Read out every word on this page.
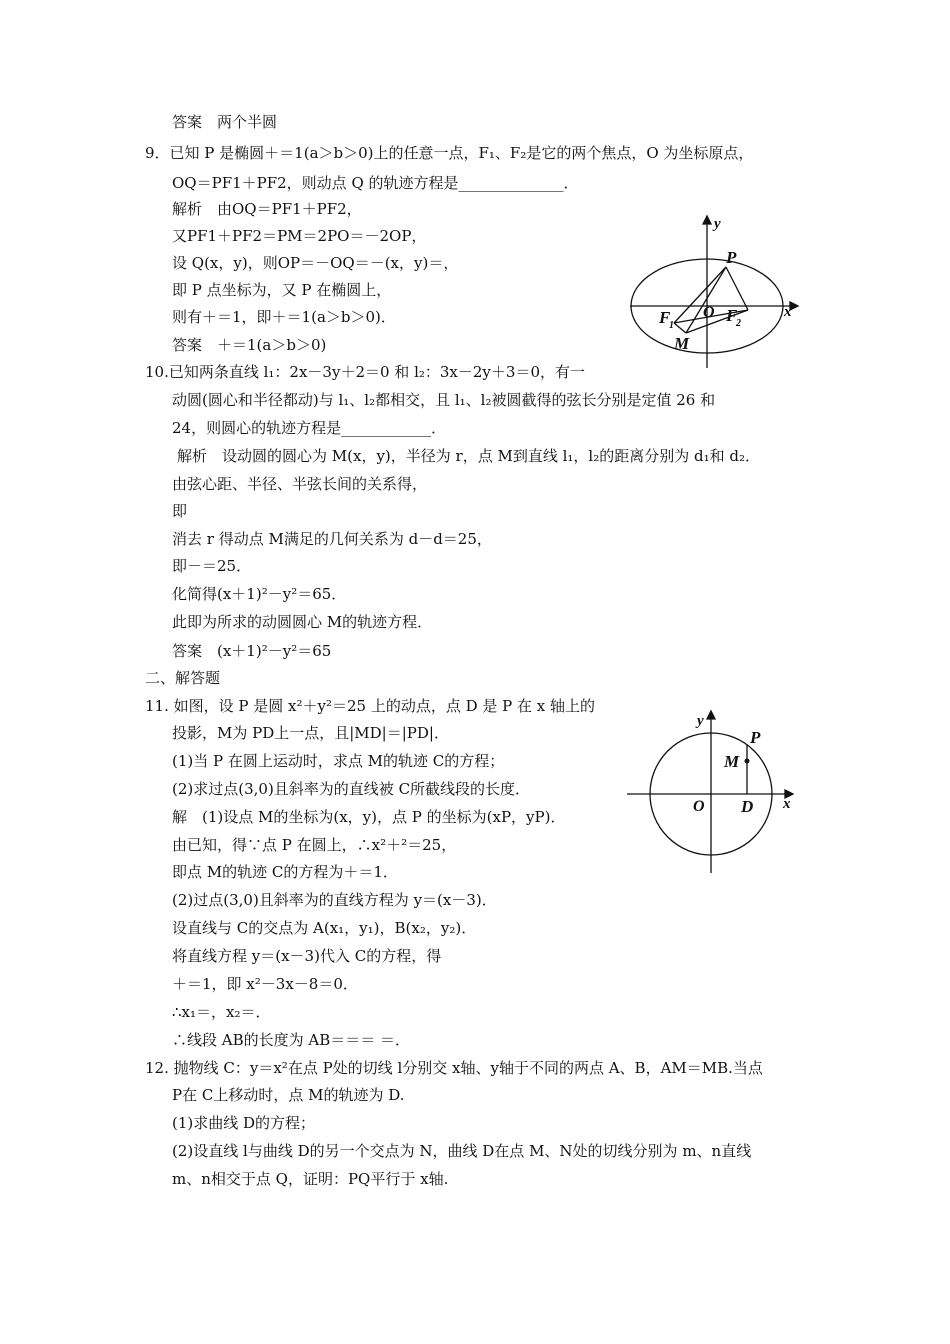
答案　两个半圆
9．已知 P 是椭圆＋＝1(a＞b＞0)上的任意一点，F₁、F₂是它的两个焦点，O 为坐标原点，
OQ＝PF1＋PF2，则动点 Q 的轨迹方程是______________．
解析　由OQ＝PF1＋PF2，
又PF1＋PF2＝PM＝2PO＝－2OP，
设 Q(x，y)，则OP＝－OQ＝－(x，y)＝，
即 P 点坐标为，又 P 在椭圆上，
则有＋＝1，即＋＝1(a＞b＞0)．
答案　＋＝1(a＞b＞0)
10.已知两条直线 l₁：2x－3y＋2＝0 和 l₂：3x－2y＋3＝0，有一
动圆(圆心和半径都动)与 l₁、l₂都相交，且 l₁、l₂被圆截得的弦长分别是定值 26 和
24，则圆心的轨迹方程是____________．
解析　设动圆的圆心为 M(x，y)，半径为 r，点 M到直线 l₁，l₂的距离分别为 d₁和 d₂．
由弦心距、半径、半弦长间的关系得，
即
消去 r 得动点 M满足的几何关系为 d－d＝25，
即－＝25．
化简得(x＋1)²－y²＝65．
此即为所求的动圆圆心 M的轨迹方程．
答案　(x＋1)²－y²＝65
二、解答题
11. 如图，设 P 是圆 x²＋y²＝25 上的动点，点 D 是 P 在 x 轴上的
投影，M为 PD上一点，且|MD|＝|PD|．
(1)当 P 在圆上运动时，求点 M的轨迹 C的方程；
(2)求过点(3,0)且斜率为的直线被 C所截线段的长度．
解　(1)设点 M的坐标为(x，y)，点 P 的坐标为(xP，yP)．
由已知，得∵点 P 在圆上，∴x²＋²＝25，
即点 M的轨迹 C的方程为＋＝1．
(2)过点(3,0)且斜率为的直线方程为 y＝(x－3)．
设直线与 C的交点为 A(x₁，y₁)，B(x₂，y₂)．
将直线方程 y＝(x－3)代入 C的方程，得
＋＝1，即 x²－3x－8＝0．
∴x₁＝，x₂＝．
∴线段 AB的长度为 AB＝＝＝ ＝．
12. 抛物线 C：y＝x²在点 P处的切线 l分别交 x轴、y轴于不同的两点 A、B，AM＝MB.当点
P在 C上移动时，点 M的轨迹为 D.
(1)求曲线 D的方程；
(2)设直线 l与曲线 D的另一个交点为 N，曲线 D在点 M、N处的切线分别为 m、n直线
m、n相交于点 Q，证明：PQ平行于 x轴.
y
x
P
O
F
1
F
2
M
y
x
P
M
O D
